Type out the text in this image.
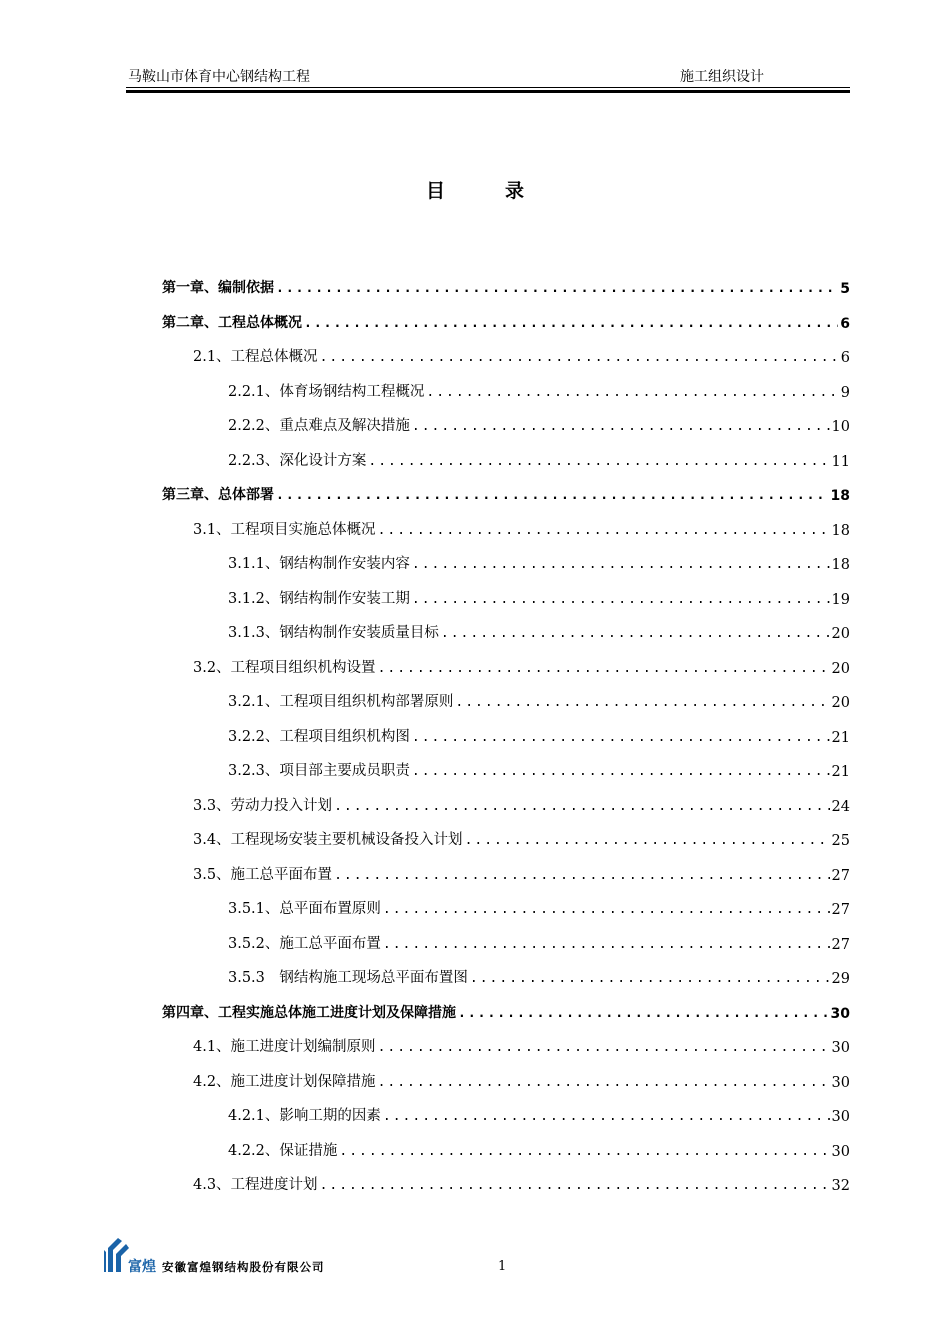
马鞍山市体育中心钢结构工程	施工组织设计
目录
第一章、编制依据 .....	5
第二章、工程总体概况 .....	6
2.1、工程总体概况 .....	6
2.2.1、体育场钢结构工程概况 .....	9
2.2.2、重点难点及解决措施 .....	10
2.2.3、深化设计方案 .....	11
第三章、总体部署 .....	18
3.1、工程项目实施总体概况 .....	18
3.1.1、钢结构制作安装内容 .....	18
3.1.2、钢结构制作安装工期 .....	19
3.1.3、钢结构制作安装质量目标 .....	20
3.2、工程项目组织机构设置 .....	20
3.2.1、工程项目组织机构部署原则 .....	20
3.2.2、工程项目组织机构图 .....	21
3.2.3、项目部主要成员职责 .....	21
3.3、劳动力投入计划 .....	24
3.4、工程现场安装主要机械设备投入计划 .....	25
3.5、施工总平面布置 .....	27
3.5.1、总平面布置原则 .....	27
3.5.2、施工总平面布置 .....	27
3.5.3　钢结构施工现场总平面布置图 .....	29
第四章、工程实施总体施工进度计划及保障措施 .....	30
4.1、施工进度计划编制原则 .....	30
4.2、施工进度计划保障措施 .....	30
4.2.1、影响工期的因素 .....	30
4.2.2、保证措施 .....	30
4.3、工程进度计划 .....	32
富煌 安徽富煌钢结构股份有限公司	1
